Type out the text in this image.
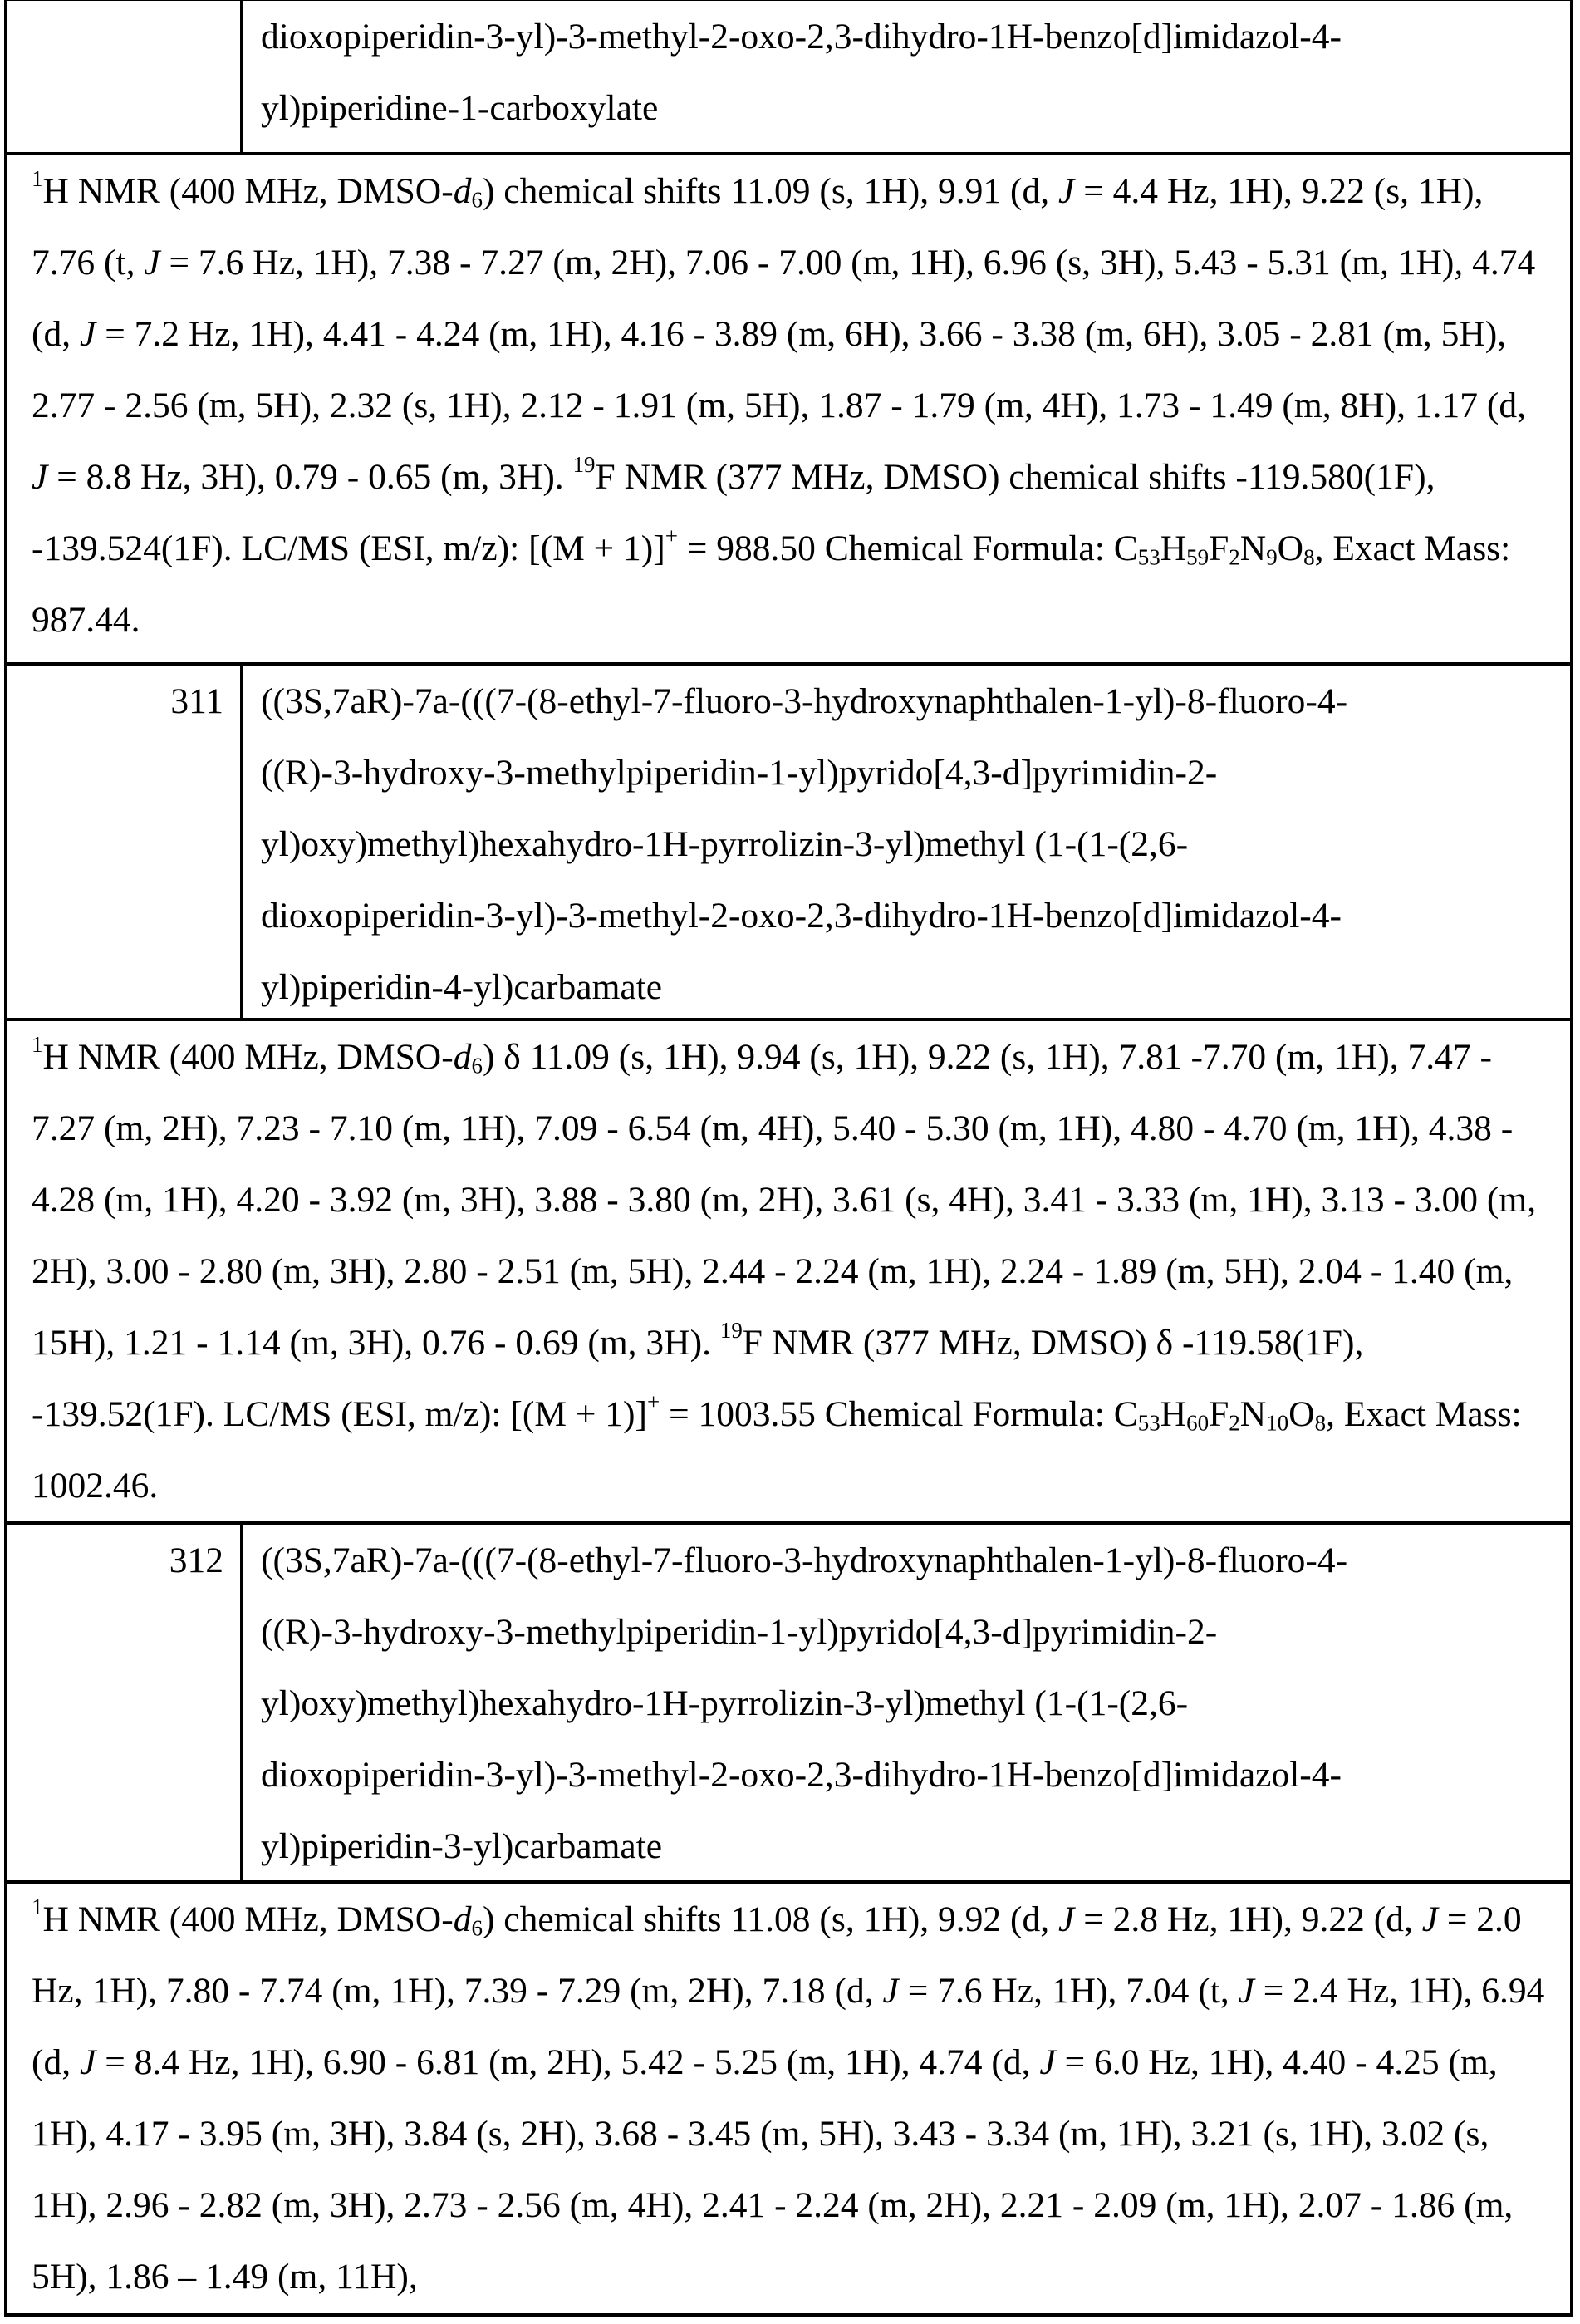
dioxopiperidin-3-yl)-3-methyl-2-oxo-2,3-dihydro-1H-benzo[d]imidazol-4-
yl)piperidine-1-carboxylate
1H NMR (400 MHz, DMSO-d6) chemical shifts 11.09 (s, 1H), 9.91 (d, J = 4.4 Hz, 1H), 9.22 (s, 1H), 7.76 (t, J = 7.6 Hz, 1H), 7.38 - 7.27 (m, 2H), 7.06 - 7.00 (m, 1H), 6.96 (s, 3H), 5.43 - 5.31 (m, 1H), 4.74 (d, J = 7.2 Hz, 1H), 4.41 - 4.24 (m, 1H), 4.16 - 3.89 (m, 6H), 3.66 - 3.38 (m, 6H), 3.05 - 2.81 (m, 5H), 2.77 - 2.56 (m, 5H), 2.32 (s, 1H), 2.12 - 1.91 (m, 5H), 1.87 - 1.79 (m, 4H), 1.73 - 1.49 (m, 8H), 1.17 (d, J = 8.8 Hz, 3H), 0.79 - 0.65 (m, 3H). 19F NMR (377 MHz, DMSO) chemical shifts -119.580(1F), -139.524(1F). LC/MS (ESI, m/z): [(M + 1)]+ = 988.50 Chemical Formula: C53H59F2N9O8, Exact Mass: 987.44.
311	((3S,7aR)-7a-(((7-(8-ethyl-7-fluoro-3-hydroxynaphthalen-1-yl)-8-fluoro-4-
((R)-3-hydroxy-3-methylpiperidin-1-yl)pyrido[4,3-d]pyrimidin-2-
yl)oxy)methyl)hexahydro-1H-pyrrolizin-3-yl)methyl (1-(1-(2,6-
dioxopiperidin-3-yl)-3-methyl-2-oxo-2,3-dihydro-1H-benzo[d]imidazol-4-
yl)piperidin-4-yl)carbamate
1H NMR (400 MHz, DMSO-d6) δ 11.09 (s, 1H), 9.94 (s, 1H), 9.22 (s, 1H), 7.81 -7.70 (m, 1H), 7.47 - 7.27 (m, 2H), 7.23 - 7.10 (m, 1H), 7.09 - 6.54 (m, 4H), 5.40 - 5.30 (m, 1H), 4.80 - 4.70 (m, 1H), 4.38 - 4.28 (m, 1H), 4.20 - 3.92 (m, 3H), 3.88 - 3.80 (m, 2H), 3.61 (s, 4H), 3.41 - 3.33 (m, 1H), 3.13 - 3.00 (m, 2H), 3.00 - 2.80 (m, 3H), 2.80 - 2.51 (m, 5H), 2.44 - 2.24 (m, 1H), 2.24 - 1.89 (m, 5H), 2.04 - 1.40 (m, 15H), 1.21 - 1.14 (m, 3H), 0.76 - 0.69 (m, 3H). 19F NMR (377 MHz, DMSO) δ -119.58(1F), -139.52(1F). LC/MS (ESI, m/z): [(M + 1)]+ = 1003.55 Chemical Formula: C53H60F2N10O8, Exact Mass: 1002.46.
312	((3S,7aR)-7a-(((7-(8-ethyl-7-fluoro-3-hydroxynaphthalen-1-yl)-8-fluoro-4-
((R)-3-hydroxy-3-methylpiperidin-1-yl)pyrido[4,3-d]pyrimidin-2-
yl)oxy)methyl)hexahydro-1H-pyrrolizin-3-yl)methyl (1-(1-(2,6-
dioxopiperidin-3-yl)-3-methyl-2-oxo-2,3-dihydro-1H-benzo[d]imidazol-4-
yl)piperidin-3-yl)carbamate
1H NMR (400 MHz, DMSO-d6) chemical shifts 11.08 (s, 1H), 9.92 (d, J = 2.8 Hz, 1H), 9.22 (d, J = 2.0 Hz, 1H), 7.80 - 7.74 (m, 1H), 7.39 - 7.29 (m, 2H), 7.18 (d, J = 7.6 Hz, 1H), 7.04 (t, J = 2.4 Hz, 1H), 6.94 (d, J = 8.4 Hz, 1H), 6.90 - 6.81 (m, 2H), 5.42 - 5.25 (m, 1H), 4.74 (d, J = 6.0 Hz, 1H), 4.40 - 4.25 (m, 1H), 4.17 - 3.95 (m, 3H), 3.84 (s, 2H), 3.68 - 3.45 (m, 5H), 3.43 - 3.34 (m, 1H), 3.21 (s, 1H), 3.02 (s, 1H), 2.96 - 2.82 (m, 3H), 2.73 - 2.56 (m, 4H), 2.41 - 2.24 (m, 2H), 2.21 - 2.09 (m, 1H), 2.07 - 1.86 (m, 5H), 1.86 – 1.49 (m, 11H),
